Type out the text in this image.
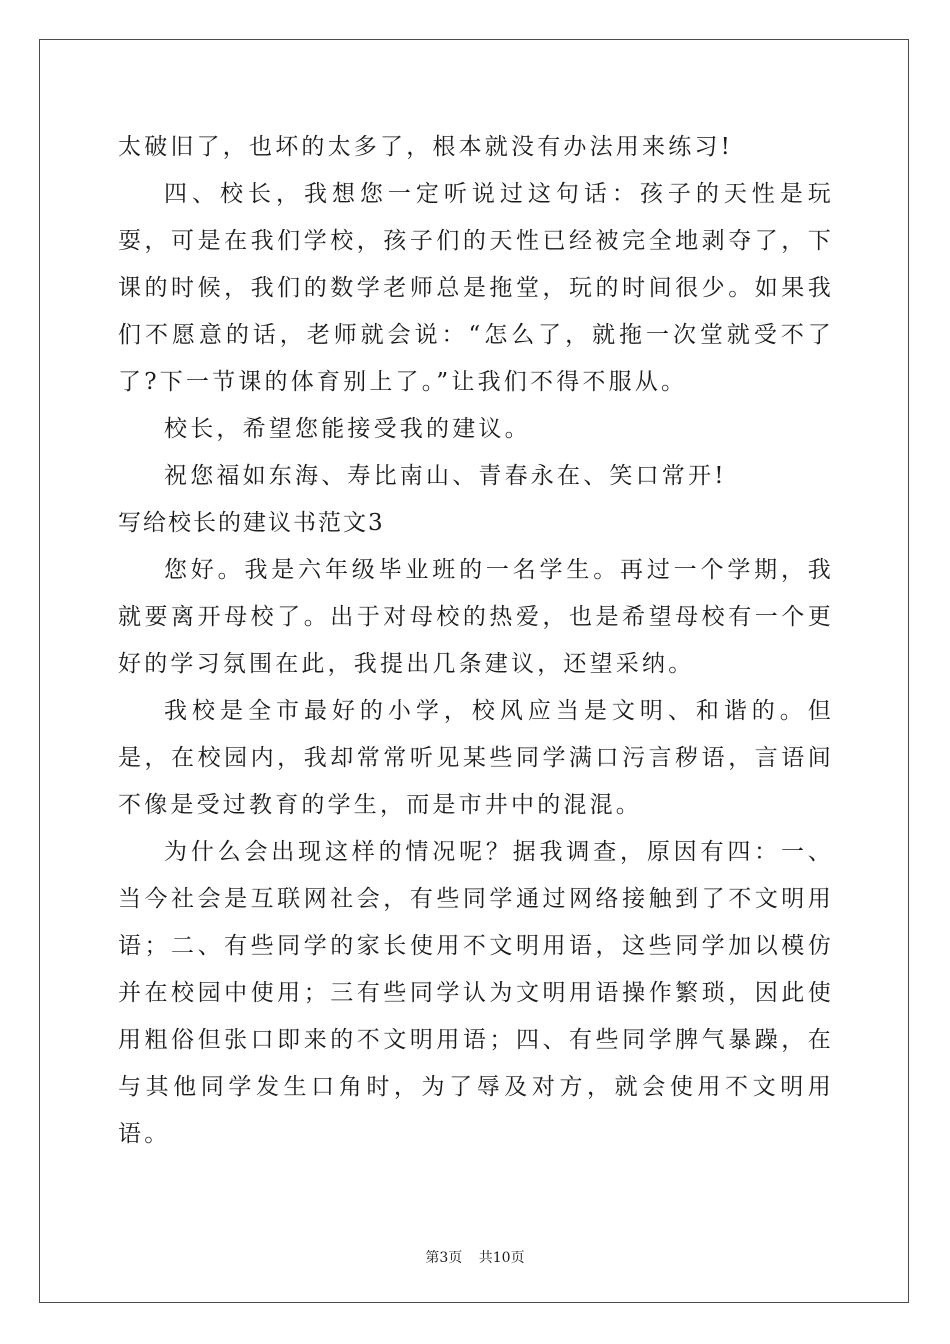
太破旧了，也坏的太多了，根本就没有办法用来练习!

四、校长，我想您一定听说过这句话：孩子的天性是玩耍，可是在我们学校，孩子们的天性已经被完全地剥夺了，下课的时候，我们的数学老师总是拖堂，玩的时间很少。如果我们不愿意的话，老师就会说：“怎么了，就拖一次堂就受不了了?下一节课的体育别上了。”让我们不得不服从。

校长，希望您能接受我的建议。

祝您福如东海、寿比南山、青春永在、笑口常开!

写给校长的建议书范文3

您好。我是六年级毕业班的一名学生。再过一个学期，我就要离开母校了。出于对母校的热爱，也是希望母校有一个更好的学习氛围在此，我提出几条建议，还望采纳。

我校是全市最好的小学，校风应当是文明、和谐的。但是，在校园内，我却常常听见某些同学满口污言秽语，言语间不像是受过教育的学生，而是市井中的混混。

为什么会出现这样的情况呢？据我调查，原因有四：一、当今社会是互联网社会，有些同学通过网络接触到了不文明用语；二、有些同学的家长使用不文明用语，这些同学加以模仿并在校园中使用；三有些同学认为文明用语操作繁琐，因此使用粗俗但张口即来的不文明用语；四、有些同学脾气暴躁，在与其他同学发生口角时，为了辱及对方，就会使用不文明用语。

第3页 共10页
